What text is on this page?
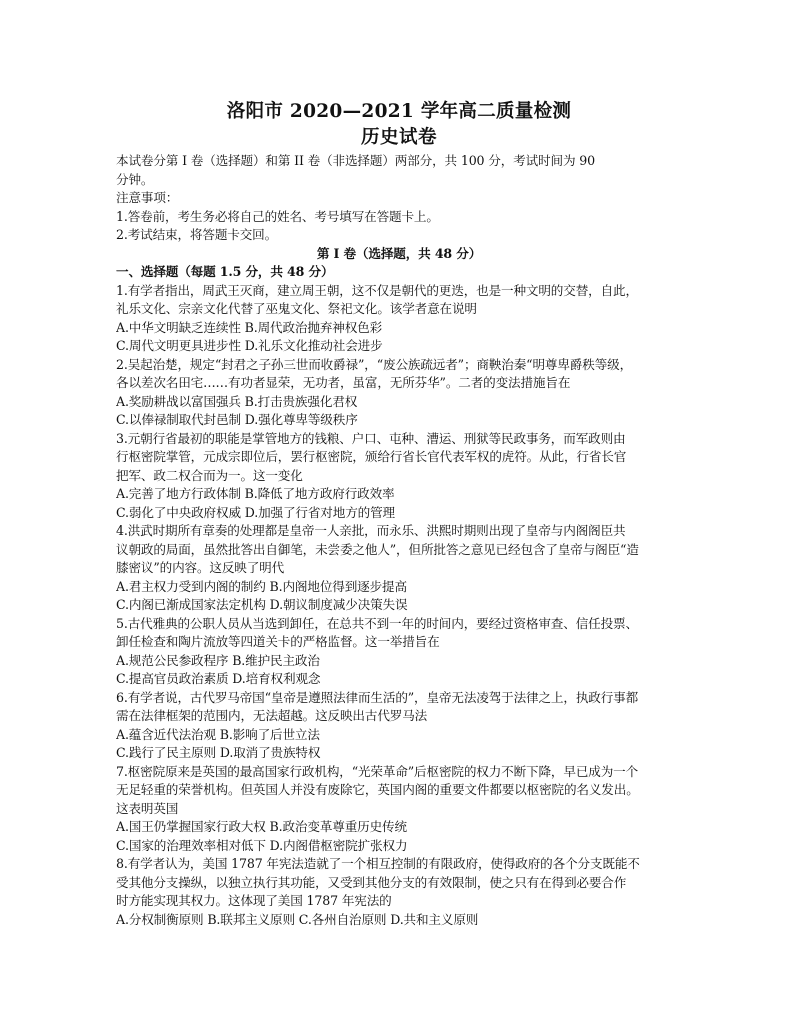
洛阳市 2020—2021 学年高二质量检测
历史试卷

本试卷分第 I 卷（选择题）和第 II 卷（非选择题）两部分，共 100 分，考试时间为 90

分钟。

注意事项：

1.答卷前，考生务必将自己的姓名、考号填写在答题卡上。

2.考试结束，将答题卡交回。

第 I 卷（选择题，共 48 分）

一、选择题（每题 1.5 分，共 48 分）

1.有学者指出，周武王灭商，建立周王朝，这不仅是朝代的更迭，也是一种文明的交替，自此，

礼乐文化、宗亲文化代替了巫鬼文化、祭祀文化。该学者意在说明

A.中华文明缺乏连续性 B.周代政治抛弃神权色彩

C.周代文明更具进步性 D.礼乐文化推动社会进步

2.吴起治楚，规定“封君之子孙三世而收爵禄”，“废公族疏远者”；商鞅治秦“明尊卑爵秩等级，

各以差次名田宅……有功者显荣，无功者，虽富，无所芬华”。二者的变法措施旨在

A.奖励耕战以富国强兵 B.打击贵族强化君权

C.以俸禄制取代封邑制 D.强化尊卑等级秩序

3.元朝行省最初的职能是掌管地方的钱粮、户口、屯种、漕运、刑狱等民政事务，而军政则由

行枢密院掌管，元成宗即位后，罢行枢密院，颁给行省长官代表军权的虎符。从此，行省长官

把军、政二权合而为一。这一变化

A.完善了地方行政体制 B.降低了地方政府行政效率

C.弱化了中央政府权威 D.加强了行省对地方的管理

4.洪武时期所有章奏的处理都是皇帝一人亲批，而永乐、洪熙时期则出现了皇帝与内阁阁臣共

议朝政的局面，虽然批答出自御笔，未尝委之他人”，但所批答之意见已经包含了皇帝与阁臣“造

膝密议”的内容。这反映了明代

A.君主权力受到内阁的制约 B.内阁地位得到逐步提高

C.内阁已渐成国家法定机构 D.朝议制度减少决策失误

5.古代雅典的公职人员从当选到卸任，在总共不到一年的时间内，要经过资格审查、信任投票、

卸任检查和陶片流放等四道关卡的严格监督。这一举措旨在

A.规范公民参政程序 B.维护民主政治

C.提高官员政治素质 D.培育权利观念

6.有学者说，古代罗马帝国“皇帝是遵照法律而生活的”，皇帝无法凌驾于法律之上，执政行事都

需在法律框架的范围内，无法超越。这反映出古代罗马法

A.蕴含近代法治观 B.影响了后世立法

C.践行了民主原则 D.取消了贵族特权

7.枢密院原来是英国的最高国家行政机构，“光荣革命”后枢密院的权力不断下降，早已成为一个

无足轻重的荣誉机构。但英国人并没有废除它，英国内阁的重要文件都要以枢密院的名义发出。

这表明英国

A.国王仍掌握国家行政大权 B.政治变革尊重历史传统

C.国家的治理效率相对低下 D.内阁借枢密院扩张权力

8.有学者认为，美国 1787 年宪法造就了一个相互控制的有限政府，使得政府的各个分支既能不

受其他分支操纵，以独立执行其功能，又受到其他分支的有效限制，使之只有在得到必要合作

时方能实现其权力。这体现了美国 1787 年宪法的

A.分权制衡原则 B.联邦主义原则 C.各州自治原则 D.共和主义原则
